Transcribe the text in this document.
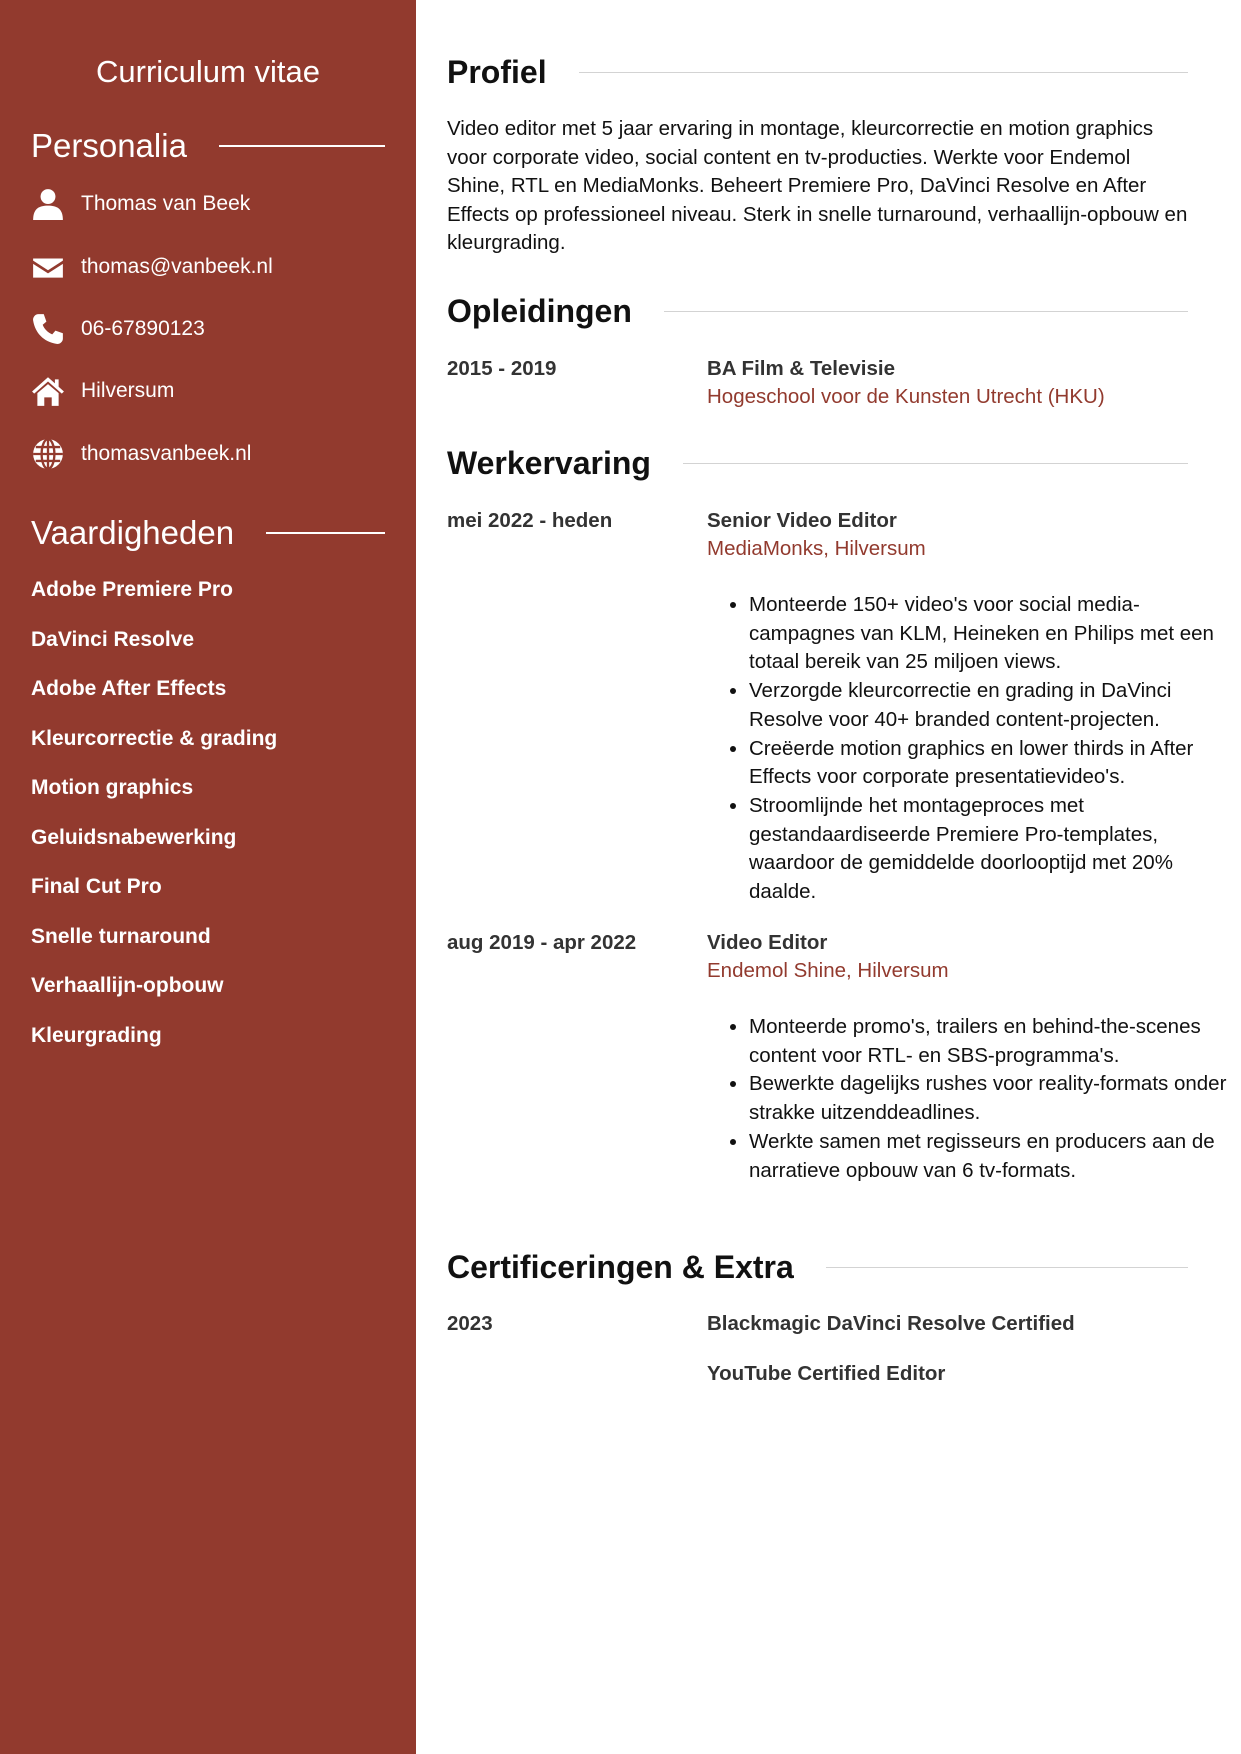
Curriculum vitae
Personalia
Thomas van Beek
thomas@vanbeek.nl
06-67890123
Hilversum
thomasvanbeek.nl
Vaardigheden
Adobe Premiere Pro
DaVinci Resolve
Adobe After Effects
Kleurcorrectie & grading
Motion graphics
Geluidsnabewerking
Final Cut Pro
Snelle turnaround
Verhaallijn-opbouw
Kleurgrading
Profiel
Video editor met 5 jaar ervaring in montage, kleurcorrectie en motion graphics voor corporate video, social content en tv-producties. Werkte voor Endemol Shine, RTL en MediaMonks. Beheert Premiere Pro, DaVinci Resolve en After Effects op professioneel niveau. Sterk in snelle turnaround, verhaallijn-opbouw en kleurgrading.
Opleidingen
2015 - 2019	BA Film & Televisie
Hogeschool voor de Kunsten Utrecht (HKU)
Werkervaring
mei 2022 - heden	Senior Video Editor
MediaMonks, Hilversum
• Monteerde 150+ video's voor social media-campagnes van KLM, Heineken en Philips met een totaal bereik van 25 miljoen views.
• Verzorgde kleurcorrectie en grading in DaVinci Resolve voor 40+ branded content-projecten.
• Creëerde motion graphics en lower thirds in After Effects voor corporate presentatievideo's.
• Stroomlijnde het montageproces met gestandaardiseerde Premiere Pro-templates, waardoor de gemiddelde doorlooptijd met 20% daalde.
aug 2019 - apr 2022	Video Editor
Endemol Shine, Hilversum
• Monteerde promo's, trailers en behind-the-scenes content voor RTL- en SBS-programma's.
• Bewerkte dagelijks rushes voor reality-formats onder strakke uitzenddeadlines.
• Werkte samen met regisseurs en producers aan de narratieve opbouw van 6 tv-formats.
Certificeringen & Extra
2023	Blackmagic DaVinci Resolve Certified
YouTube Certified Editor
